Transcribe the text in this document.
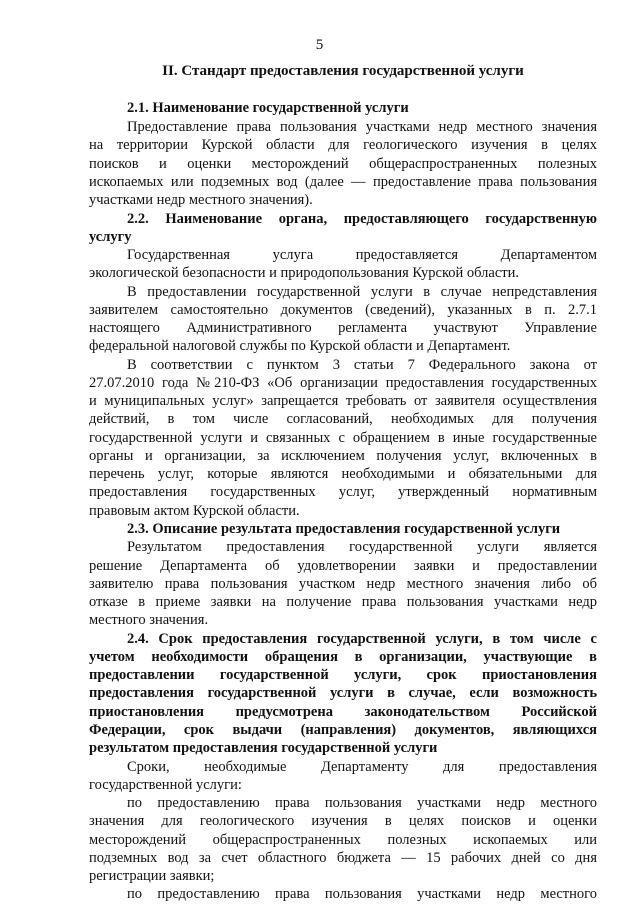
5
II. Стандарт предоставления государственной услуги
2.1. Наименование государственной услуги
Предоставление права пользования участками недр местного значения
на территории Курской области для геологического изучения в целях
поисков и оценки месторождений общераспространенных полезных
ископаемых или подземных вод (далее — предоставление права пользования
участками недр местного значения).
2.2. Наименование органа, предоставляющего государственную
услугу
Государственная услуга предоставляется Департаментом
экологической безопасности и природопользования Курской области.
В предоставлении государственной услуги в случае непредставления
заявителем самостоятельно документов (сведений), указанных в п. 2.7.1
настоящего Административного регламента участвуют Управление
федеральной налоговой службы по Курской области и Департамент.
В соответствии с пунктом 3 статьи 7 Федерального закона от
27.07.2010 года №210-ФЗ «Об организации предоставления государственных
и муниципальных услуг» запрещается требовать от заявителя осуществления
действий, в том числе согласований, необходимых для получения
государственной услуги и связанных с обращением в иные государственные
органы и организации, за исключением получения услуг, включенных в
перечень услуг, которые являются необходимыми и обязательными для
предоставления государственных услуг, утвержденный нормативным
правовым актом Курской области.
2.3. Описание результата предоставления государственной услуги
Результатом предоставления государственной услуги является
решение Департамента об удовлетворении заявки и предоставлении
заявителю права пользования участком недр местного значения либо об
отказе в приеме заявки на получение права пользования участками недр
местного значения.
2.4. Срок предоставления государственной услуги, в том числе с
учетом необходимости обращения в организации, участвующие в
предоставлении государственной услуги, срок приостановления
предоставления государственной услуги в случае, если возможность
приостановления предусмотрена законодательством Российской
Федерации, срок выдачи (направления) документов, являющихся
результатом предоставления государственной услуги
Сроки, необходимые Департаменту для предоставления
государственной услуги:
по предоставлению права пользования участками недр местного
значения для геологического изучения в целях поисков и оценки
месторождений общераспространенных полезных ископаемых или
подземных вод за счет областного бюджета — 15 рабочих дней со дня
регистрации заявки;
по предоставлению права пользования участками недр местного
